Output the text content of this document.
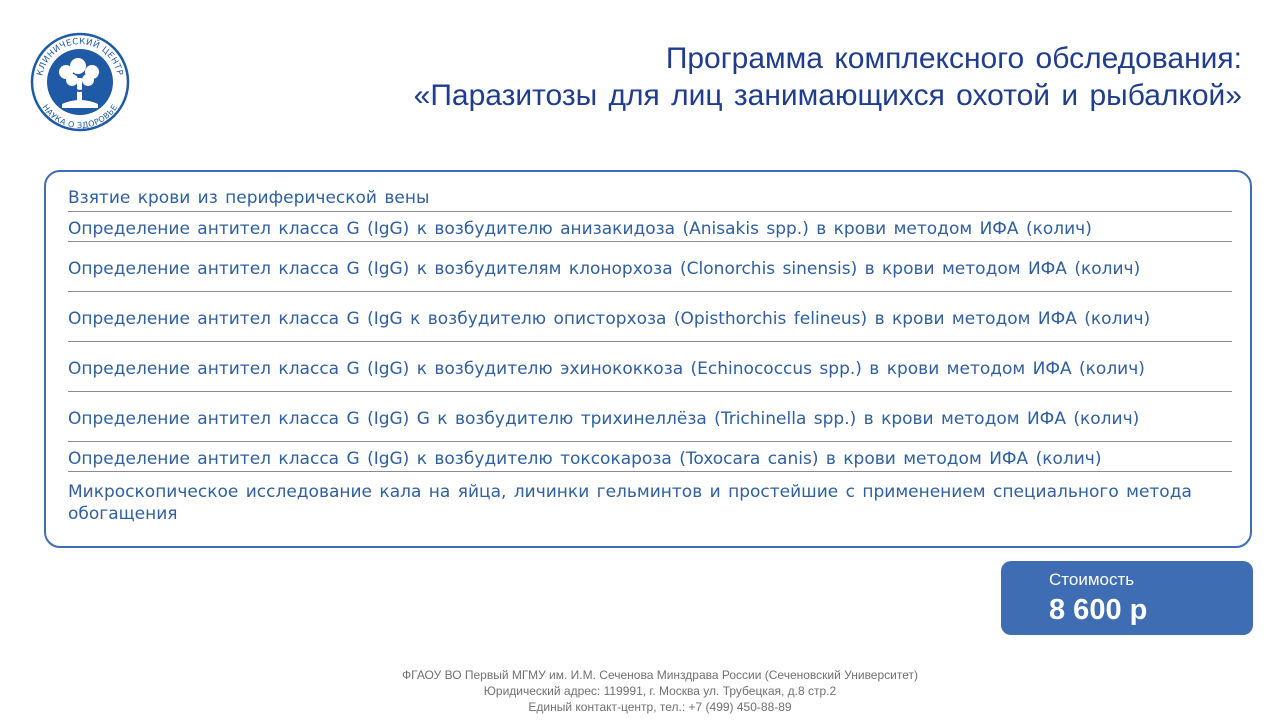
КЛИНИЧЕСКИЙ ЦЕНТР
НАУКА О ЗДОРОВЬЕ
Программа комплексного обследования:
«Паразитозы для лиц занимающихся охотой и рыбалкой»
Взятие крови из периферической вены
Определение антител класса G (IgG) к возбудителю анизакидоза (Anisakis spp.) в крови методом ИФА (колич)
Определение антител класса G (IgG) к возбудителям клонорхоза (Clonorchis sinensis) в крови методом ИФА (колич)
Определение антител класса G (IgG к возбудителю описторхоза (Opisthorchis felineus) в крови методом ИФА (колич)
Определение антител класса G (IgG) к возбудителю эхинококкоза (Echinococcus spp.) в крови методом ИФА (колич)
Определение антител класса G (IgG) G к возбудителю трихинеллёза (Trichinella spp.) в крови методом ИФА (колич)
Определение антител класса G (IgG) к возбудителю токсокароза (Toxocara canis) в крови методом ИФА (колич)
Микроскопическое исследование кала на яйца, личинки гельминтов и простейшие с применением специального метода обогащения
Стоимость
8 600 р
ФГАОУ ВО Первый МГМУ им. И.М. Сеченова Минздрава России (Сеченовский Университет)
Юридический адрес: 119991, г. Москва ул. Трубецкая, д.8 стр.2
Единый контакт-центр, тел.: +7 (499) 450-88-89
